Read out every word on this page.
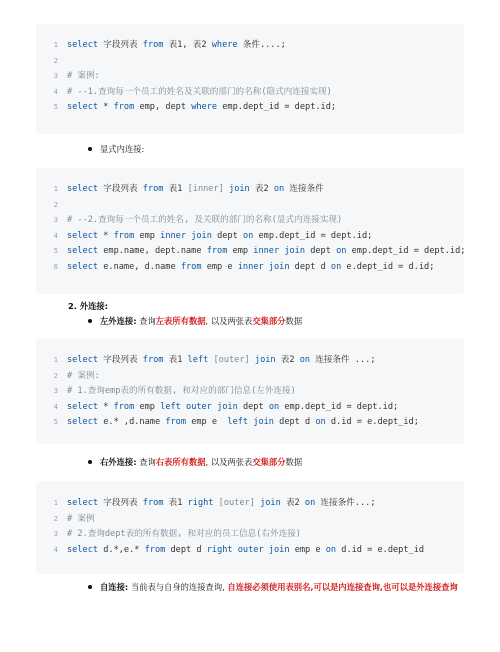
1 select 字段列表 from 表1, 表2 where 条件....;
2
3 # 案例:
4 # --1.查询每一个员工的姓名及关联的部门的名称(隐式内连接实现)
5 select * from emp, dept where emp.dept_id = dept.id;
显式内连接:
1 select 字段列表 from 表1 [inner] join 表2 on 连接条件
2
3 # --2.查询每一个员工的姓名, 及关联的部门的名称(显式内连接实现)
4 select * from emp inner join dept on emp.dept_id = dept.id;
5 select emp.name, dept.name from emp inner join dept on emp.dept_id = dept.id;
6 select e.name, d.name from emp e inner join dept d on e.dept_id = d.id;
2. 外连接:
左外连接: 查询左表所有数据, 以及两张表交集部分数据
1 select 字段列表 from 表1 left [outer] join 表2 on 连接条件 ...;
2 # 案例:
3 # 1.查询emp表的所有数据, 和对应的部门信息(左外连接)
4 select * from emp left outer join dept on emp.dept_id = dept.id;
5 select e.* ,d.name from emp e  left join dept d on d.id = e.dept_id;
右外连接: 查询右表所有数据, 以及两张表交集部分数据
1 select 字段列表 from 表1 right [outer] join 表2 on 连接条件...;
2 # 案例
3 # 2.查询dept表的所有数据, 和对应的员工信息(右外连接)
4 select d.*,e.* from dept d right outer join emp e on d.id = e.dept_id
自连接: 当前表与自身的连接查询, 自连接必须使用表别名,可以是内连接查询,也可以是外连接查询
